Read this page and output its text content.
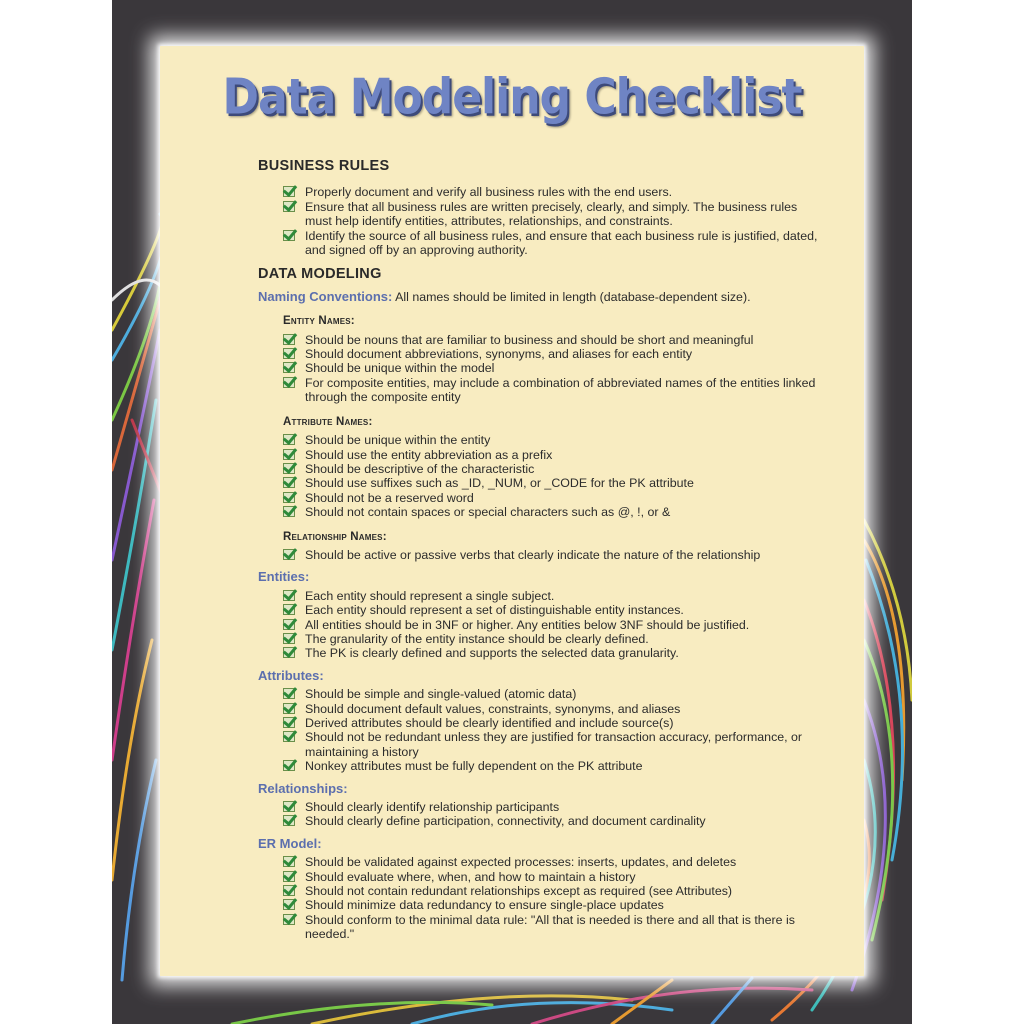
Data Modeling Checklist
BUSINESS RULES
Properly document and verify all business rules with the end users.
Ensure that all business rules are written precisely, clearly, and simply. The business rules must help identify entities, attributes, relationships, and constraints.
Identify the source of all business rules, and ensure that each business rule is justified, dated, and signed off by an approving authority.
DATA MODELING
Naming Conventions: All names should be limited in length (database-dependent size).
Entity Names:
Should be nouns that are familiar to business and should be short and meaningful
Should document abbreviations, synonyms, and aliases for each entity
Should be unique within the model
For composite entities, may include a combination of abbreviated names of the entities linked through the composite entity
Attribute Names:
Should be unique within the entity
Should use the entity abbreviation as a prefix
Should be descriptive of the characteristic
Should use suffixes such as _ID, _NUM, or _CODE for the PK attribute
Should not be a reserved word
Should not contain spaces or special characters such as @, !, or &
Relationship Names:
Should be active or passive verbs that clearly indicate the nature of the relationship
Entities:
Each entity should represent a single subject.
Each entity should represent a set of distinguishable entity instances.
All entities should be in 3NF or higher. Any entities below 3NF should be justified.
The granularity of the entity instance should be clearly defined.
The PK is clearly defined and supports the selected data granularity.
Attributes:
Should be simple and single-valued (atomic data)
Should document default values, constraints, synonyms, and aliases
Derived attributes should be clearly identified and include source(s)
Should not be redundant unless they are justified for transaction accuracy, performance, or maintaining a history
Nonkey attributes must be fully dependent on the PK attribute
Relationships:
Should clearly identify relationship participants
Should clearly define participation, connectivity, and document cardinality
ER Model:
Should be validated against expected processes: inserts, updates, and deletes
Should evaluate where, when, and how to maintain a history
Should not contain redundant relationships except as required (see Attributes)
Should minimize data redundancy to ensure single-place updates
Should conform to the minimal data rule: "All that is needed is there and all that is there is needed."
